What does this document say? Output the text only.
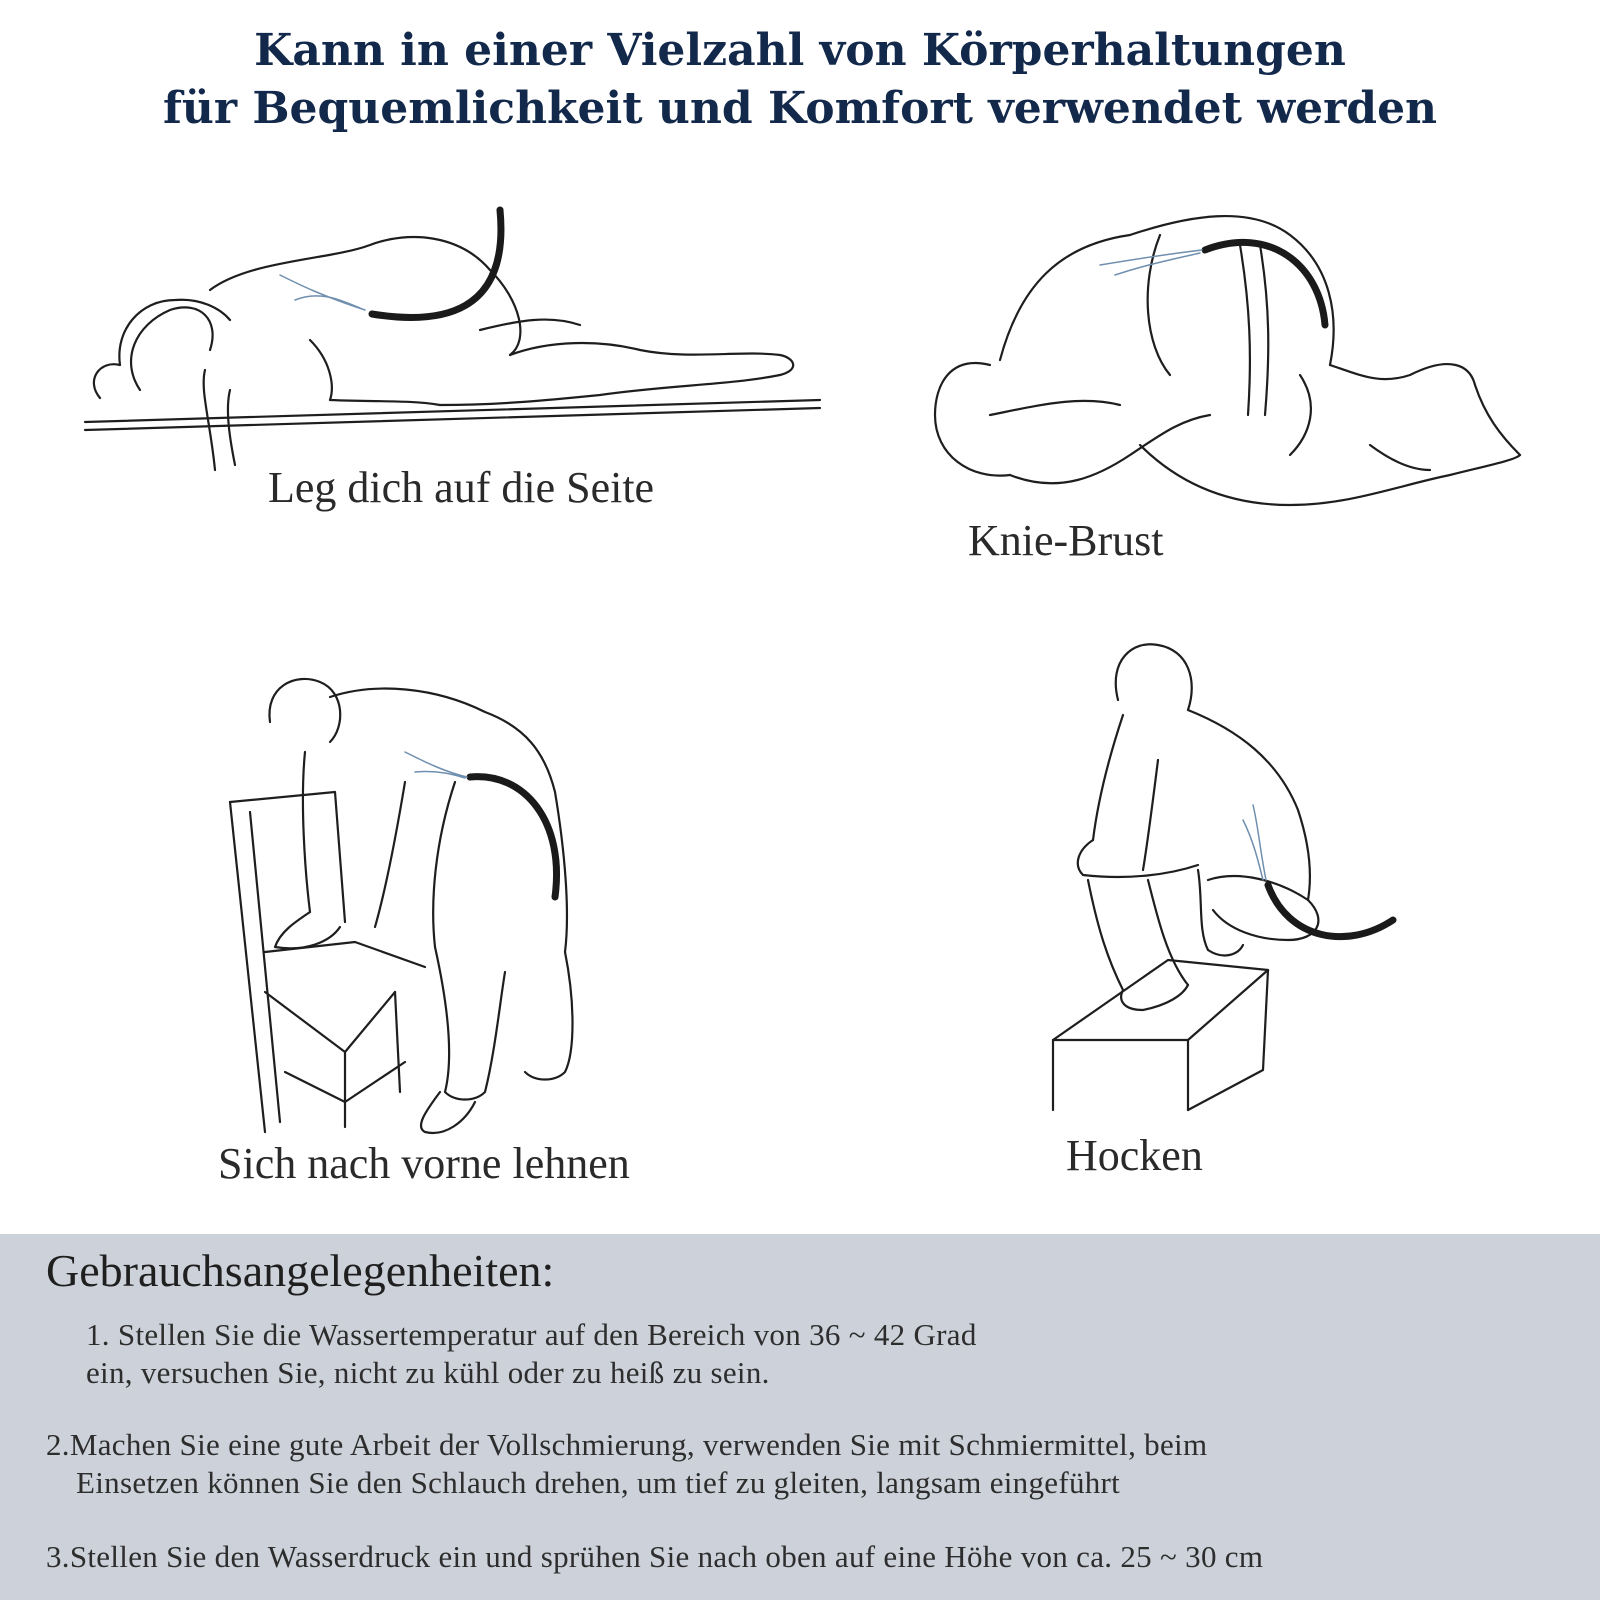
Kann in einer Vielzahl von Körperhaltungen
für Bequemlichkeit und Komfort verwendet werden
Leg dich auf die Seite
Knie-Brust
Sich nach vorne lehnen	Hocken
Gebrauchsangelegenheiten:
1. Stellen Sie die Wassertemperatur auf den Bereich von 36 ~ 42 Grad
ein, versuchen Sie, nicht zu kühl oder zu heiß zu sein.
2.Machen Sie eine gute Arbeit der Vollschmierung, verwenden Sie mit Schmiermittel, beim
Einsetzen können Sie den Schlauch drehen, um tief zu gleiten, langsam eingeführt
3.Stellen Sie den Wasserdruck ein und sprühen Sie nach oben auf eine Höhe von ca. 25 ~ 30 cm
